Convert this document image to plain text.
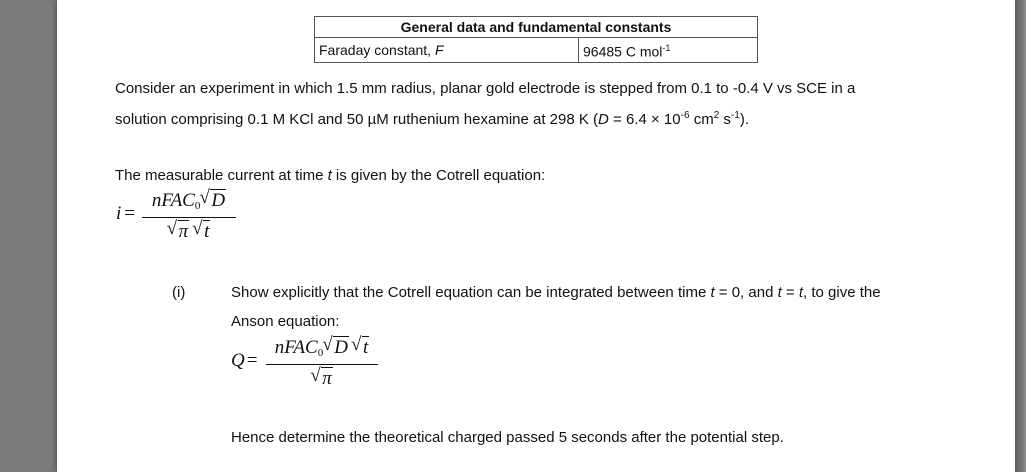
General data and fundamental constants
Faraday constant, F	96485 C mol$^{-1}$
Consider an experiment in which 1.5 mm radius, planar gold electrode is stepped from 0.1 to -0.4 V vs SCE in a
solution comprising 0.1 M KCl and 50 µM ruthenium hexamine at 298 K ($D = 6.4 \times 10^{-6}$ $cm^2$ $s^{-1}$).
The measurable current at time t is given by the Cotrell equation:
i =
nFAC$_0$ √ D
√ π √ t
(i)	Show explicitly that the Cotrell equation can be integrated between time t = 0, and t = t, to give the
Anson equation:
Q =
nFAC$_0$ √ D √ t
√ π
Hence determine the theoretical charged passed 5 seconds after the potential step.
